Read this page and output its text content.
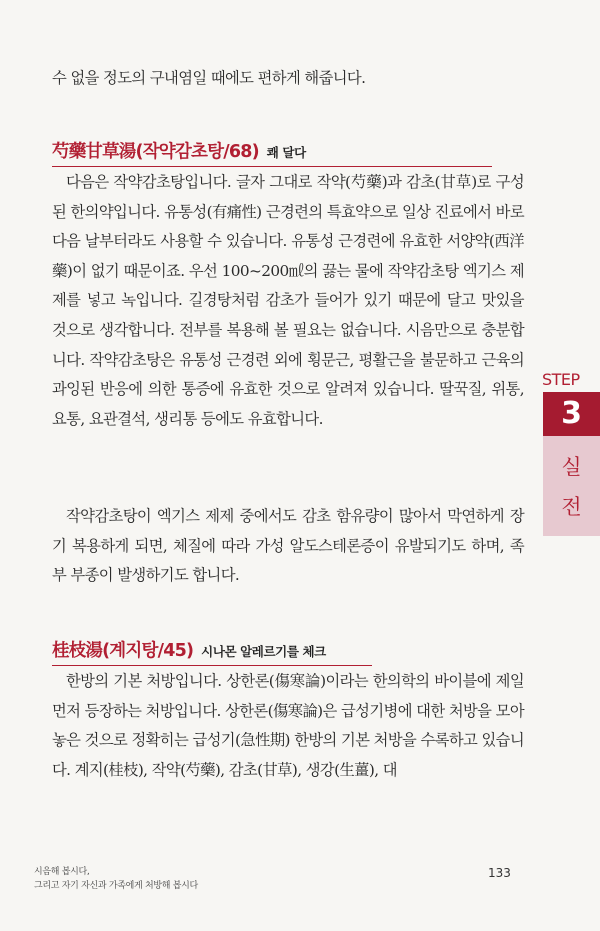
수 없을 정도의 구내염일 때에도 편하게 해줍니다.

芍藥甘草湯(작약감초탕/68) 쾌 달다

다음은 작약감초탕입니다. 글자 그대로 작약(芍藥)과 감초(甘草)로 구성된 한의약입니다. 유통성(有痛性) 근경련의 특효약으로 일상 진료에서 바로 다음 날부터라도 사용할 수 있습니다. 유통성 근경련에 유효한 서양약(西洋藥)이 없기 때문이죠. 우선 100~200㎖의 끓는 물에 작약감초탕 엑기스 제제를 넣고 녹입니다. 길경탕처럼 감초가 들어가 있기 때문에 달고 맛있을 것으로 생각합니다. 전부를 복용해 볼 필요는 없습니다. 시음만으로 충분합니다. 작약감초탕은 유통성 근경련 외에 횡문근, 평활근을 불문하고 근육의 과잉된 반응에 의한 통증에 유효한 것으로 알려져 있습니다. 딸꾹질, 위통, 요통, 요관결석, 생리통 등에도 유효합니다.

작약감초탕이 엑기스 제제 중에서도 감초 함유량이 많아서 막연하게 장기 복용하게 되면, 체질에 따라 가성 알도스테론증이 유발되기도 하며, 족부 부종이 발생하기도 합니다.

桂枝湯(계지탕/45) 시나몬 알레르기를 체크

한방의 기본 처방입니다. 상한론(傷寒論)이라는 한의학의 바이블에 제일 먼저 등장하는 처방입니다. 상한론(傷寒論)은 급성기병에 대한 처방을 모아놓은 것으로 정확히는 급성기(急性期) 한방의 기본 처방을 수록하고 있습니다. 계지(桂枝), 작약(芍藥), 감초(甘草), 생강(生薑), 대

STEP
3
실
전
시음해 봅시다,
그리고 자기 자신과 가족에게 처방해 봅시다
133
